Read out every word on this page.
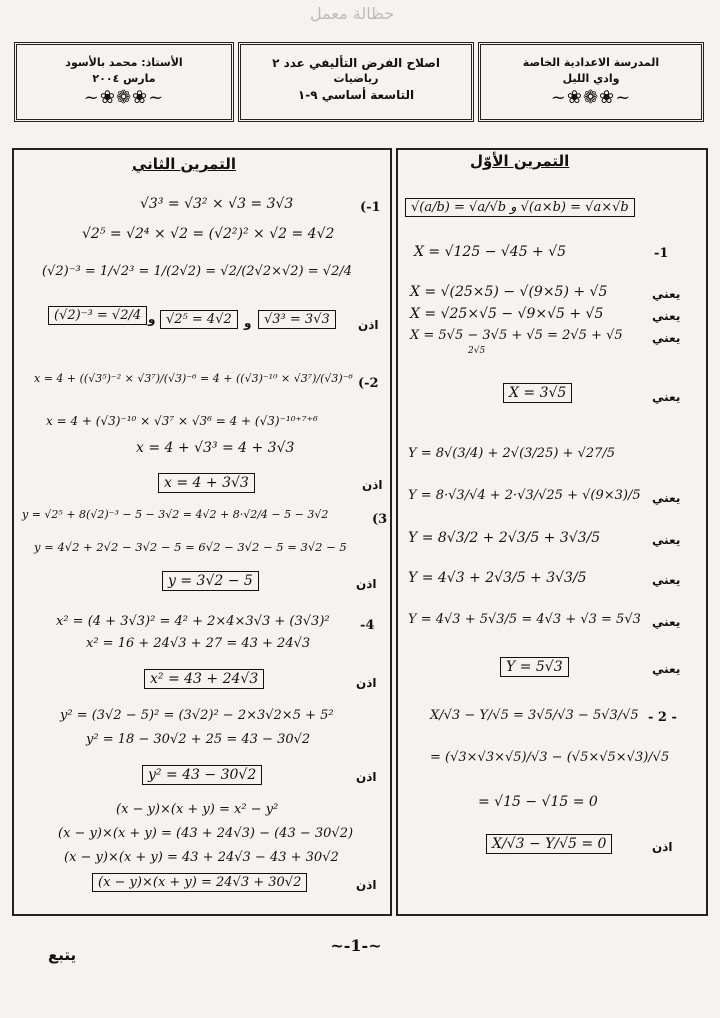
حظالة معمل
المدرسة الاعدادية الخاصة
وادي الليل
~❀❁❀~
اصلاح الفرض التأليفي عدد ٢
رياضيات
التاسعة أساسي ٩-١
الأستاذ: محمد بالأسود
مارس ٢٠٠٤
~❀❁❀~
التمرين الأوّل
√(a/b) = √a/√b و √(a×b) = √a×√b
-1
X = √125 − √45 + √5
X = √(25×5) − √(9×5) + √5	يعني
X = √25×√5 − √9×√5 + √5	يعني
X = 5√5 − 3√5 + √5 = 2√5 + √5 يعني
2√5
X = 3√5	يعني
Y = 8√(3/4) + 2√(3/25) + √27/5
Y = 8·√3/√4 + 2·√3/√25 + √(9×3)/5 يعني
Y = 8√3/2 + 2√3/5 + 3√3/5	يعني
Y = 4√3 + 2√3/5 + 3√3/5	يعني
Y = 4√3 + 5√3/5 = 4√3 + √3 = 5√3 يعني
Y = 5√3	يعني
- 2 -
X/√3 − Y/√5 = 3√5/√3 − 5√3/√5
= (√3×√3×√5)/√3 − (√5×√5×√3)/√5
= √15 − √15 = 0
X/√3 − Y/√5 = 0	اذن
التمرين الثاني
(-1
√3³ = √3² × √3 = 3√3
√2⁵ = √2⁴ × √2 = (√2²)² × √2 = 4√2
(√2)⁻³ = 1/√2³ = 1/(2√2) = √2/(2√2×√2) = √2/4
(√2)⁻³ = √2/4 و √2⁵ = 4√2	و √3³ = 3√3	اذن
(-2
x = 4 + ((√3⁵)⁻² × √3⁷)/(√3)⁻⁶ = 4 + ((√3)⁻¹⁰ × √3⁷)/(√3)⁻⁶
x = 4 + (√3)⁻¹⁰ × √3⁷ × √3⁶ = 4 + (√3)⁻¹⁰⁺⁷⁺⁶
x = 4 + √3³ = 4 + 3√3
x = 4 + 3√3	اذن
y = √2⁵ + 8(√2)⁻³ − 5 − 3√2 = 4√2 + 8·√2/4 − 5 − 3√2	(3
y = 4√2 + 2√2 − 3√2 − 5 = 6√2 − 3√2 − 5 = 3√2 − 5
y = 3√2 − 5	اذن
-4
x² = (4 + 3√3)² = 4² + 2×4×3√3 + (3√3)²
x² = 16 + 24√3 + 27 = 43 + 24√3
x² = 43 + 24√3	اذن
y² = (3√2 − 5)² = (3√2)² − 2×3√2×5 + 5²
y² = 18 − 30√2 + 25 = 43 − 30√2
y² = 43 − 30√2	اذن
(x − y)×(x + y) = x² − y²
(x − y)×(x + y) = (43 + 24√3) − (43 − 30√2)
(x − y)×(x + y) = 43 + 24√3 − 43 + 30√2
(x − y)×(x + y) = 24√3 + 30√2	اذن
~-1-~
يتبع
